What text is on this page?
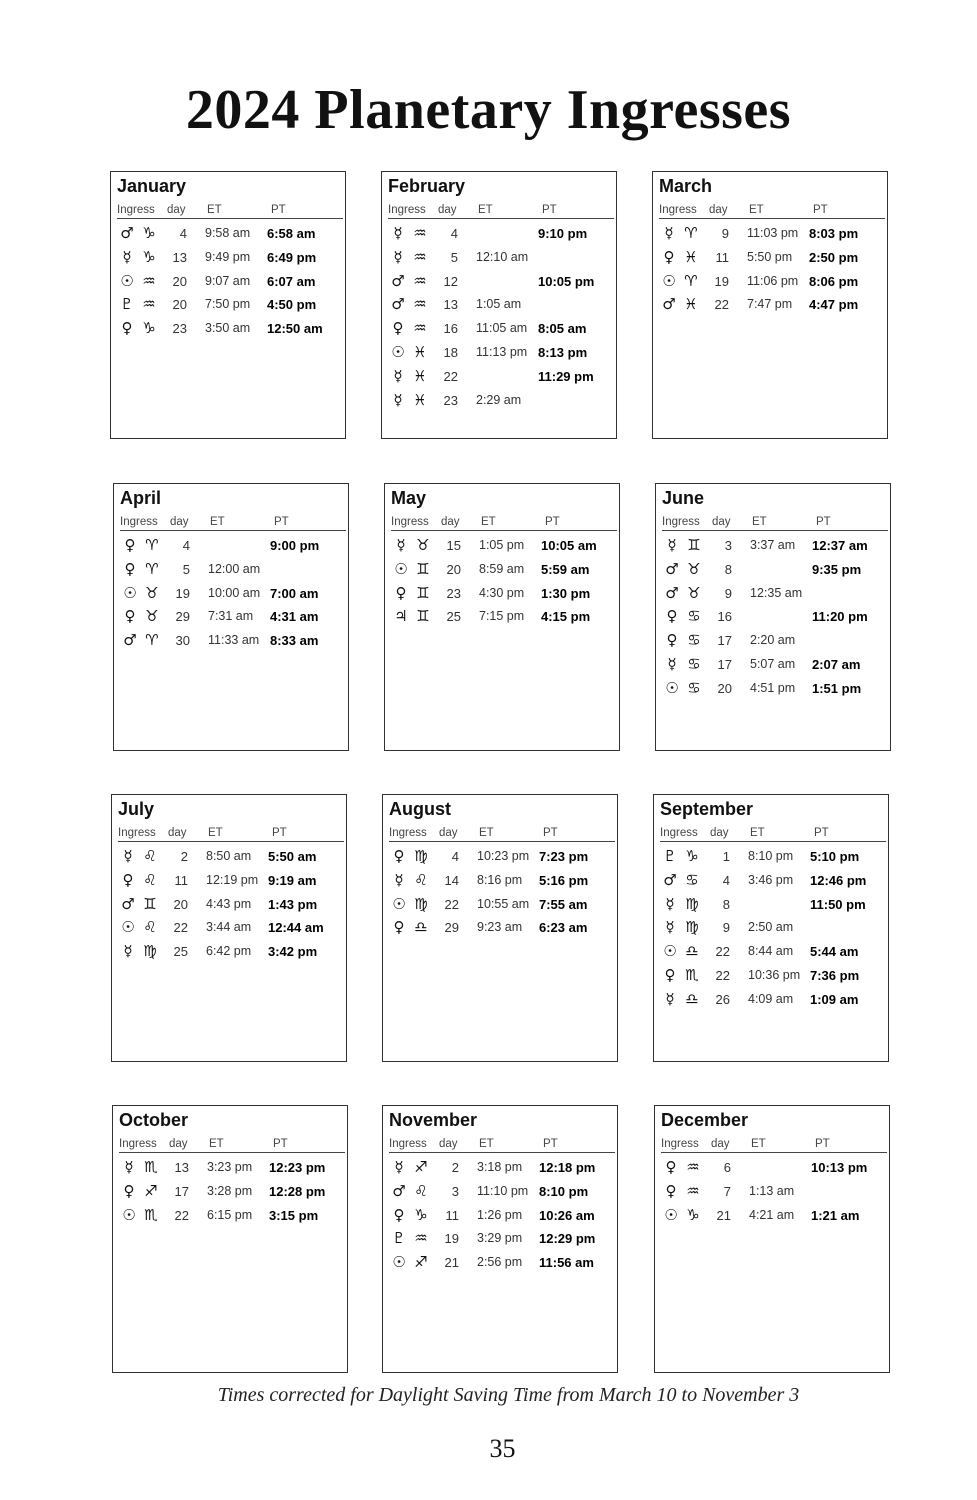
2024 Planetary Ingresses
January
Ingress day ET	PT
♂ ♑	4 9:58 am 6:58 am
☿ ♑	13 9:49 pm 6:49 pm
☉ ♒	20 9:07 am 6:07 am
♇ ♒	20 7:50 pm 4:50 pm
♀ ♑	23 3:50 am 12:50 am
February
Ingress day ET	PT
☿ ♒	4	9:10 pm
☿ ♒	5 12:10 am
♂ ♒	12	10:05 pm
♂ ♒	13 1:05 am
♀ ♒	16 11:05 am 8:05 am
☉ ♓	18 11:13 pm 8:13 pm
☿ ♓	22	11:29 pm
☿ ♓	23 2:29 am
March
Ingress day ET	PT
☿ ♈	9 11:03 pm 8:03 pm
♀ ♓	11 5:50 pm 2:50 pm
☉ ♈	19 11:06 pm 8:06 pm
♂ ♓	22 7:47 pm 4:47 pm
April
Ingress day ET	PT
♀ ♈	4	9:00 pm
♀ ♈	5 12:00 am
☉ ♉	19 10:00 am 7:00 am
♀ ♉	29 7:31 am 4:31 am
♂ ♈	30 11:33 am 8:33 am
May
Ingress day ET	PT
☿ ♉	15 1:05 pm 10:05 am
☉ ♊	20 8:59 am 5:59 am
♀ ♊	23 4:30 pm 1:30 pm
♃ ♊	25 7:15 pm 4:15 pm
June
Ingress day ET	PT
☿ ♊	3 3:37 am 12:37 am
♂ ♉	8	9:35 pm
♂ ♉	9 12:35 am
♀ ♋	16	11:20 pm
♀ ♋	17 2:20 am
☿ ♋	17 5:07 am 2:07 am
☉ ♋	20 4:51 pm 1:51 pm
July
Ingress day ET	PT
☿ ♌	2 8:50 am 5:50 am
♀ ♌	11 12:19 pm 9:19 am
♂ ♊	20 4:43 pm 1:43 pm
☉ ♌	22 3:44 am 12:44 am
☿ ♍	25 6:42 pm 3:42 pm
August
Ingress day ET	PT
♀ ♍	4 10:23 pm 7:23 pm
☿ ♌	14 8:16 pm 5:16 pm
☉ ♍	22 10:55 am 7:55 am
♀ ♎	29 9:23 am 6:23 am
September
Ingress day ET	PT
♇ ♑	1 8:10 pm 5:10 pm
♂ ♋	4 3:46 pm 12:46 pm
☿ ♍	8	11:50 pm
☿ ♍	9 2:50 am
☉ ♎	22 8:44 am 5:44 am
♀ ♏	22 10:36 pm 7:36 pm
☿ ♎	26 4:09 am 1:09 am
October
Ingress day ET	PT
☿ ♏	13 3:23 pm 12:23 pm
♀ ♐	17 3:28 pm 12:28 pm
☉ ♏	22 6:15 pm 3:15 pm
November
Ingress day ET	PT
☿ ♐	2 3:18 pm 12:18 pm
♂ ♌	3 11:10 pm 8:10 pm
♀ ♑	11 1:26 pm 10:26 am
♇ ♒	19 3:29 pm 12:29 pm
☉ ♐	21 2:56 pm 11:56 am
December
Ingress day ET	PT
♀ ♒	6	10:13 pm
♀ ♒	7 1:13 am
☉ ♑	21 4:21 am 1:21 am
Times corrected for Daylight Saving Time from March 10 to November 3
35
